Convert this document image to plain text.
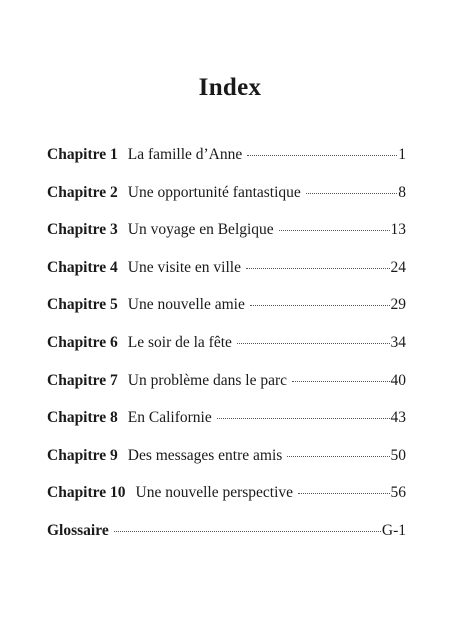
Index
Chapitre 1 La famille d’Anne	1
Chapitre 2 Une opportunité fantastique	8
Chapitre 3 Un voyage en Belgique	13
Chapitre 4 Une visite en ville	24
Chapitre 5 Une nouvelle amie	29
Chapitre 6 Le soir de la fête	34
Chapitre 7 Un problème dans le parc	40
Chapitre 8 En Californie	43
Chapitre 9 Des messages entre amis	50
Chapitre 10 Une nouvelle perspective	56
Glossaire	G-1
